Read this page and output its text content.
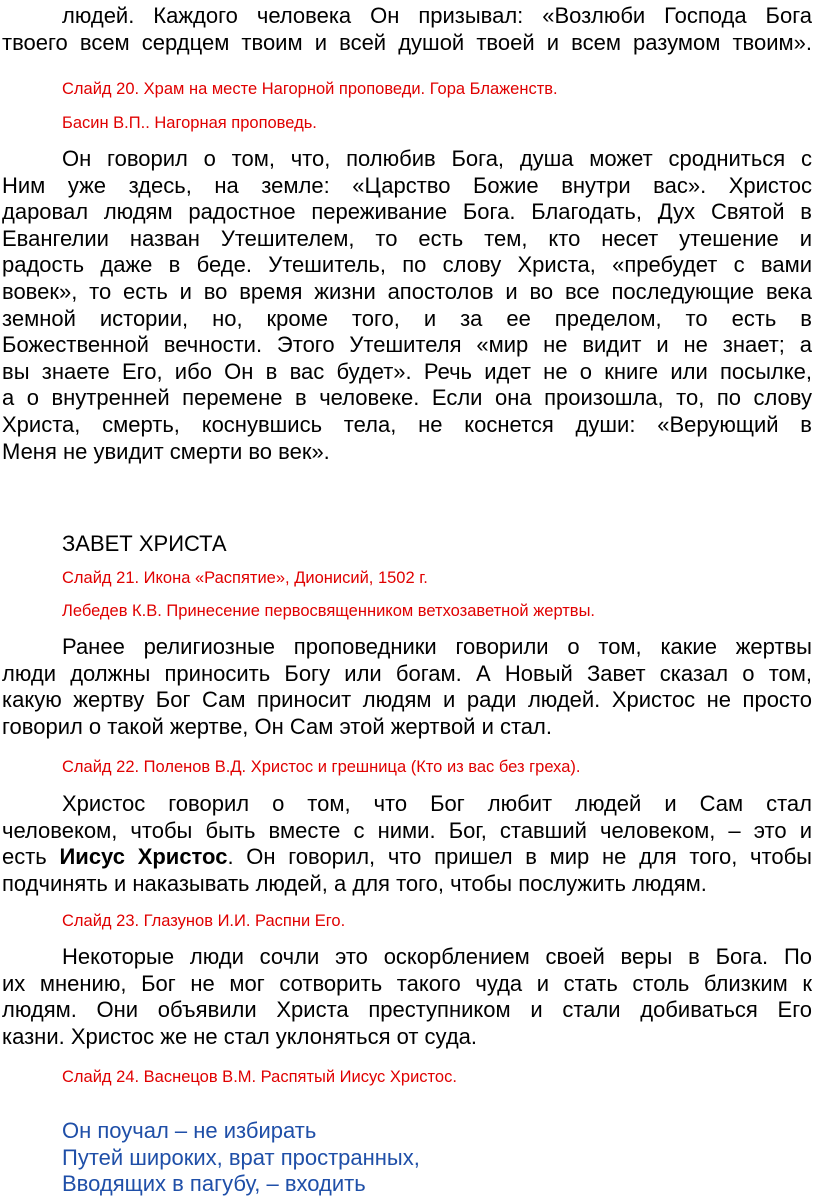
людей. Каждого человека Он призывал: «Возлюби Господа Бога
твоего всем сердцем твоим и всей душой твоей и всем разумом твоим».

Слайд 20. Храм на месте Нагорной проповеди. Гора Блаженств.

Басин В.П.. Нагорная проповедь.

Он говорил о том, что, полюбив Бога, душа может сродниться с
Ним уже здесь, на земле: «Царство Божие внутри вас». Христос
даровал людям радостное переживание Бога. Благодать, Дух Святой в
Евангелии назван Утешителем, то есть тем, кто несет утешение и
радость даже в беде. Утешитель, по слову Христа, «пребудет с вами
вовек», то есть и во время жизни апостолов и во все последующие века
земной истории, но, кроме того, и за ее пределом, то есть в
Божественной вечности. Этого Утешителя «мир не видит и не знает; а
вы знаете Его, ибо Он в вас будет». Речь идет не о книге или посылке,
а о внутренней перемене в человеке. Если она произошла, то, по слову
Христа, смерть, коснувшись тела, не коснется души: «Верующий в
Меня не увидит смерти во век».

ЗАВЕТ ХРИСТА

Слайд 21. Икона «Распятие», Дионисий, 1502 г.

Лебедев К.В. Принесение первосвященником ветхозаветной жертвы.

Ранее религиозные проповедники говорили о том, какие жертвы
люди должны приносить Богу или богам. А Новый Завет сказал о том,
какую жертву Бог Сам приносит людям и ради людей. Христос не просто
говорил о такой жертве, Он Сам этой жертвой и стал.

Слайд 22. Поленов В.Д. Христос и грешница (Кто из вас без греха).

Христос говорил о том, что Бог любит людей и Сам стал
человеком, чтобы быть вместе с ними. Бог, ставший человеком, – это и
есть Иисус Христос. Он говорил, что пришел в мир не для того, чтобы
подчинять и наказывать людей, а для того, чтобы послужить людям.

Слайд 23. Глазунов И.И. Распни Его.

Некоторые люди сочли это оскорблением своей веры в Бога. По
их мнению, Бог не мог сотворить такого чуда и стать столь близким к
людям. Они объявили Христа преступником и стали добиваться Его
казни. Христос же не стал уклоняться от суда.

Слайд 24. Васнецов В.М. Распятый Иисус Христос.

Он поучал – не избирать
Путей широких, врат пространных,
Вводящих в пагубу, – входить
